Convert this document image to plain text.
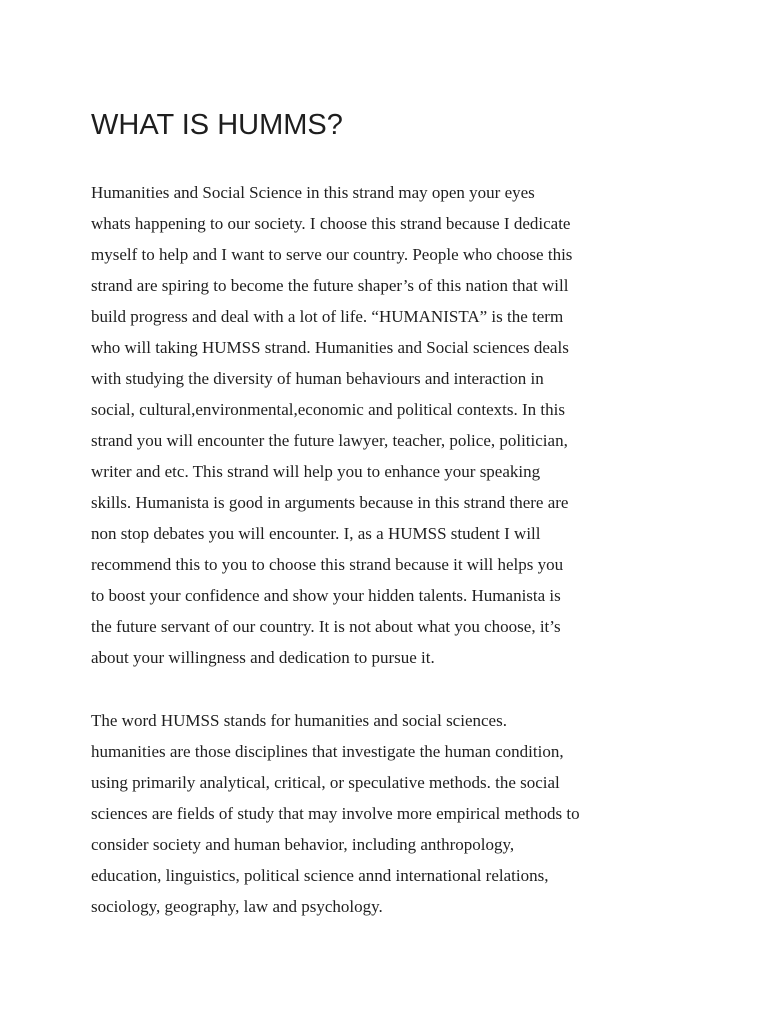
WHAT IS HUMMS?

Humanities and Social Science in this strand may open your eyes
whats happening to our society. I choose this strand because I dedicate
myself to help and I want to serve our country. People who choose this
strand are spiring to become the future shaper’s of this nation that will
build progress and deal with a lot of life. “HUMANISTA” is the term
who will taking HUMSS strand. Humanities and Social sciences deals
with studying the diversity of human behaviours and interaction in
social, cultural,environmental,economic and political contexts. In this
strand you will encounter the future lawyer, teacher, police, politician,
writer and etc. This strand will help you to enhance your speaking
skills. Humanista is good in arguments because in this strand there are
non stop debates you will encounter. I, as a HUMSS student I will
recommend this to you to choose this strand because it will helps you
to boost your confidence and show your hidden talents. Humanista is
the future servant of our country. It is not about what you choose, it’s
about your willingness and dedication to pursue it.

The word HUMSS stands for humanities and social sciences.
humanities are those disciplines that investigate the human condition,
using primarily analytical, critical, or speculative methods. the social
sciences are fields of study that may involve more empirical methods to
consider society and human behavior, including anthropology,
education, linguistics, political science annd international relations,
sociology, geography, law and psychology.
